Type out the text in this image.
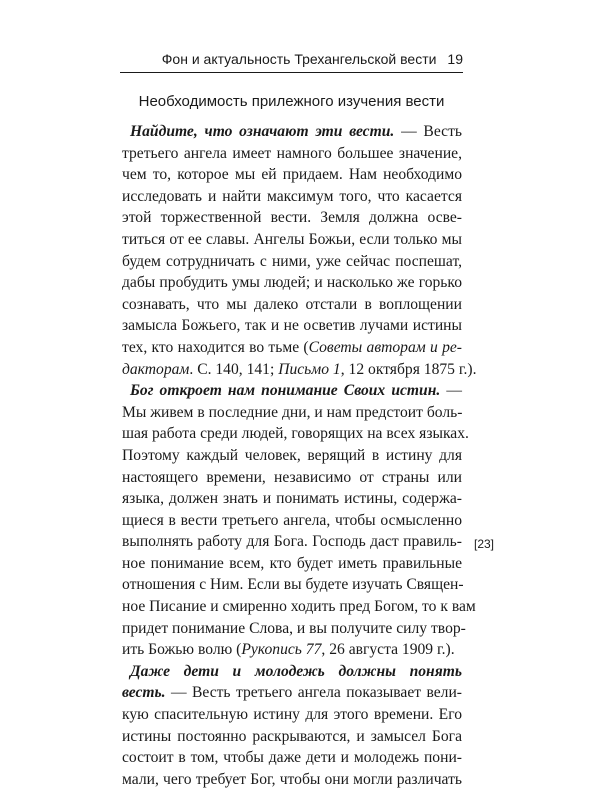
Фон и актуальность Трехангельской вести 19
Необходимость прилежного изучения вести
Найдите, что означают эти вести. — Весть
третьего ангела имеет намного большее значение,
чем то, которое мы ей придаем. Нам необходимо
исследовать и найти максимум того, что касается
этой торжественной вести. Земля должна осве-
титься от ее славы. Ангелы Божьи, если только мы
будем сотрудничать с ними, уже сейчас поспешат,
дабы пробудить умы людей; и насколько же горько
сознавать, что мы далеко отстали в воплощении
замысла Божьего, так и не осветив лучами истины
тех, кто находится во тьме (Советы авторам и ре-
дакторам. С. 140, 141; Письмо 1, 12 октября 1875 г.).
Бог откроет нам понимание Своих истин. —
Мы живем в последние дни, и нам предстоит боль-
шая работа среди людей, говорящих на всех языках.
Поэтому каждый человек, верящий в истину для
настоящего времени, независимо от страны или
языка, должен знать и понимать истины, содержа-
щиеся в вести третьего ангела, чтобы осмысленно
выполнять работу для Бога. Господь даст правиль-
ное понимание всем, кто будет иметь правильные
отношения с Ним. Если вы будете изучать Священ-
ное Писание и смиренно ходить пред Богом, то к вам
придет понимание Слова, и вы получите силу твор-
ить Божью волю (Рукопись 77, 26 августа 1909 г.).
Даже дети и молодежь должны понять
весть. — Весть третьего ангела показывает вели-
кую спасительную истину для этого времени. Его
истины постоянно раскрываются, и замысел Бога
состоит в том, чтобы даже дети и молодежь пони-
мали, чего требует Бог, чтобы они могли различать
[23]
